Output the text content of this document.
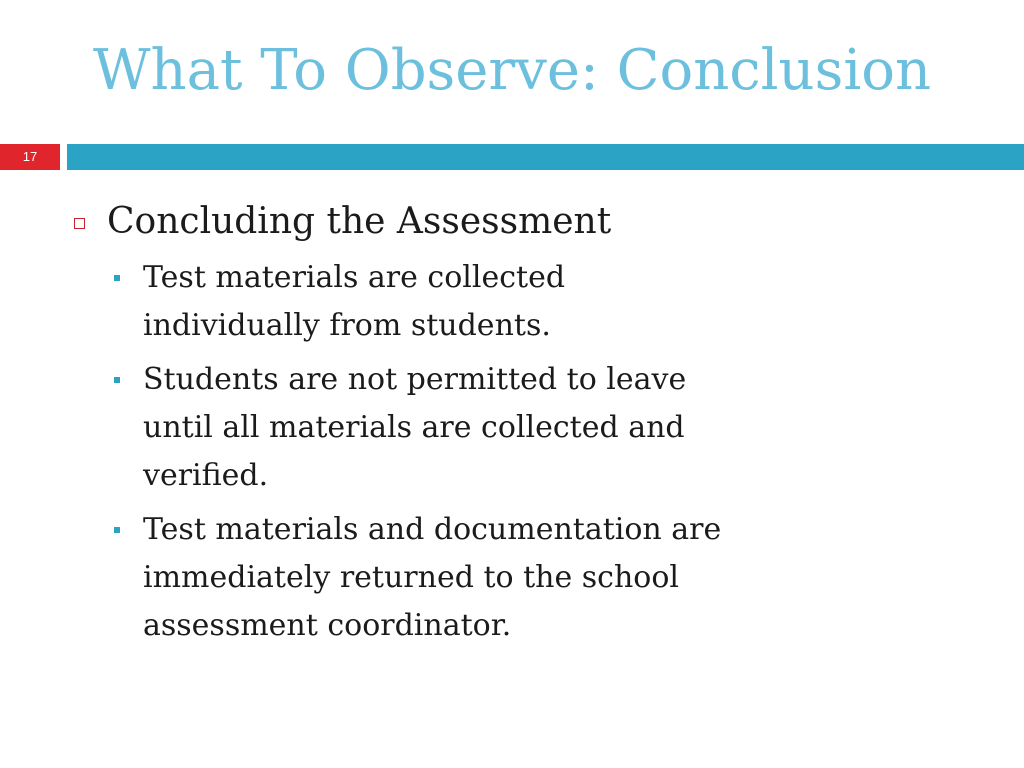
What To Observe: Conclusion
17
Concluding the Assessment
Test materials are collected
individually from students.
Students are not permitted to leave
until all materials are collected and
verified.
Test materials and documentation are
immediately returned to the school
assessment coordinator.
